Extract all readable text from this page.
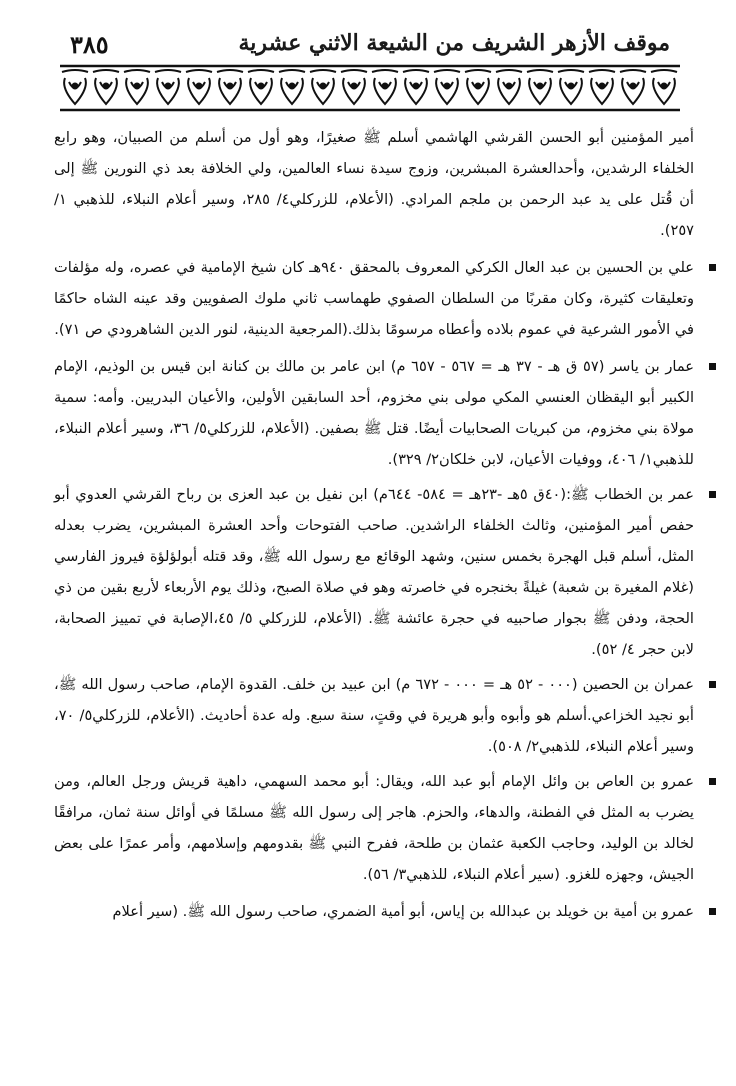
موقف الأزهر الشريف من الشيعة الاثني عشرية
٣٨٥

أمير المؤمنين أبو الحسن القرشي الهاشمي أسلم ﷺ صغيرًا، وهو أول من أسلم من الصبيان، وهو رابع الخلفاء الرشدين، وأحدالعشرة المبشرين، وزوج سيدة نساء العالمين، ولي الخلافة بعد ذي النورين ﷺ إلى أن قُتل على يد عبد الرحمن بن ملجم المرادي. (الأعلام، للزركلي٤/ ٢٨٥، وسير أعلام النبلاء، للذهبي ١/ ٢٥٧).

علي بن الحسين بن عبد العال الكركي المعروف بالمحقق ٩٤٠هـ كان شيخ الإمامية في عصره، وله مؤلفات وتعليقات كثيرة، وكان مقربًا من السلطان الصفوي طهماسب ثاني ملوك الصفويين وقد عينه الشاه حاكمًا في الأمور الشرعية في عموم بلاده وأعطاه مرسومًا بذلك.(المرجعية الدينية، لنور الدين الشاهرودي ص ٧١).

عمار بن ياسر (٥٧ ق هـ - ٣٧ هـ = ٥٦٧ - ٦٥٧ م) ابن عامر بن مالك بن كنانة ابن قيس بن الوذيم، الإمام الكبير أبو اليقظان العنسي المكي مولى بني مخزوم، أحد السابقين الأولين، والأعيان البدريين. وأمه: سمية مولاة بني مخزوم، من كبريات الصحابيات أيضًا. قتل ﷺ بصفين. (الأعلام، للزركلي٥/ ٣٦، وسير أعلام النبلاء، للذهبي١/ ٤٠٦، ووفيات الأعيان، لابن خلكان٢/ ٣٢٩).

عمر بن الخطاب ﷺ:(٤٠ق ٥هـ -٢٣هـ = ٥٨٤- ٦٤٤م) ابن نفيل بن عبد العزى بن رباح القرشي العدوي أبو حفص أمير المؤمنين، وثالث الخلفاء الراشدين. صاحب الفتوحات وأحد العشرة المبشرين، يضرب بعدله المثل، أسلم قبل الهجرة بخمس سنين، وشهد الوقائع مع رسول الله ﷺ، وقد قتله أبولؤلؤة فيروز الفارسي (غلام المغيرة بن شعبة) غيلةً بخنجره في خاصرته وهو في صلاة الصبح، وذلك يوم الأربعاء لأربع بقين من ذي الحجة، ودفن ﷺ بجوار صاحبيه في حجرة عائشة ﷺ. (الأعلام، للزركلي ٥/ ٤٥،الإصابة في تمييز الصحابة، لابن حجر ٤/ ٥٢).

عمران بن الحصين (٠٠٠ - ٥٢ هـ = ٠٠٠ - ٦٧٢ م) ابن عبيد بن خلف. القدوة الإمام، صاحب رسول الله ﷺ، أبو نجيد الخزاعي.أسلم هو وأبوه وأبو هريرة في وقتٍ، سنة سبع. وله عدة أحاديث. (الأعلام، للزركلي٥/ ٧٠، وسير أعلام النبلاء، للذهبي٢/ ٥٠٨).

عمرو بن العاص بن وائل الإمام أبو عبد الله، ويقال: أبو محمد السهمي، داهية قريش ورجل العالم، ومن يضرب به المثل في الفطنة، والدهاء، والحزم. هاجر إلى رسول الله ﷺ مسلمًا في أوائل سنة ثمان، مرافقًا لخالد بن الوليد، وحاجب الكعبة عثمان بن طلحة، ففرح النبي ﷺ بقدومهم وإسلامهم، وأمر عمرًا على بعض الجيش، وجهزه للغزو. (سير أعلام النبلاء، للذهبي٣/ ٥٦).

عمرو بن أمية بن خويلد بن عبدالله بن إياس، أبو أمية الضمري، صاحب رسول الله ﷺ. (سير أعلام
